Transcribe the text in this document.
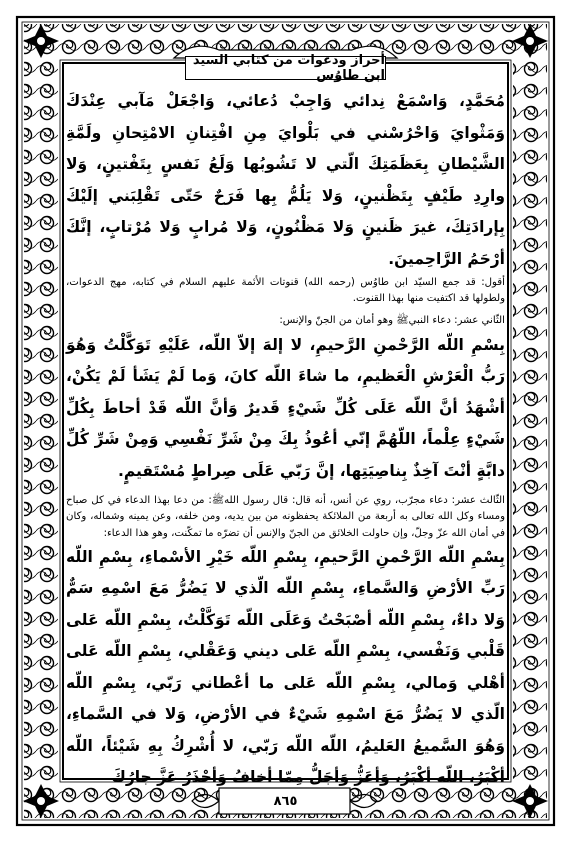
أحراز ودعوات من كتابي السيد ابن طاوُس

مُحَمَّدٍ، وَاسْمَعْ نِدائي وَاجِبْ دُعائي، وَاجْعَلْ مَآبي عِنْدَكَ وَمَثْوايَ وَاحْرُسْني في بَلْوايَ مِنِ افْتِنانِ الامْتِحانِ ولَمَّةِ الشَّيْطانِ بِعَظَمَتِكَ الّتي لا تَشُوبُها وَلَعُ نَفسٍ بِتَفْتينٍ، وَلا وارِدِ طَيْفٍ بِتَظْنينٍ، وَلا يَلُمُّ بِها فَرَحٌ حَتّى تَقْلِبَني إلَيْكَ بِإرادَتِكَ، غيرَ ظَنينٍ وَلا مَظْنُونٍ، وَلا مُرابٍ وَلا مُرْتابٍ، إنَّكَ أرْحَمُ الرَّاحِمينَ.

أقول: قد جمع السيّد ابن طاوُس (رحمه الله) قنوتات الأئمة عليهم السلام في كتابه، مهج الدعوات، ولطولها قد اكتفيت منها بهذا القنوت.

الثّاني عشر: دعاء النبيﷺ وهو أمان من الجنّ والإنس:

بِسْمِ اللّه الرَّحْمنِ الرَّحيمِ، لا إلهَ إلاّ اللّه، عَلَيْهِ تَوَكَّلْتُ وَهُوَ رَبُّ الْعَرْشِ الْعَظيمِ، ما شاءَ اللّه كانَ، وَما لَمْ يَشَأ لَمْ يَكُنْ، أشْهَدُ أنَّ اللّه عَلَى كُلِّ شَيْءٍ قَديرٌ وَأنَّ اللّه قَدْ أحاطَ بِكُلِّ شَيْءٍ عِلْماً، اللّهُمَّ إنّي أعُوذُ بِكَ مِنْ شَرِّ نَفْسِي وَمِنْ شَرِّ كُلِّ دابَّةٍ أنْتَ آخِذٌ بِناصِيَتِها، إنَّ رَبّي عَلَى صِراطٍ مُسْتَقيمٍ.

الثّالث عشر: دعاء مجرّب، روي عن أنس، أنه قال: قال رسول اللهﷺ: من دعا بهذا الدعاء في كل صباح ومساء وكل الله تعالى به أربعة من الملائكة يحفظونه من بين يديه، ومن خلفه، وعن يمينه وشماله، وكان في أمان الله عزّ وجلّ، وإن حاولت الخلائق من الجنّ والإنس أن تضرّه ما تمكّنت، وهو هذا الدعاء:

بِسْمِ اللّه الرَّحْمنِ الرَّحيمِ، بِسْمِ اللّه خَيْرِ الأسْماءِ، بِسْمِ اللّه رَبِّ الأرْضِ وَالسَّماءِ، بِسْمِ اللّه الّذي لا يَضُرُّ مَعَ اسْمِهِ سَمٌّ وَلا داءٌ، بِسْمِ اللّه أصْبَحْتُ وَعَلَى اللّه تَوَكَّلْتُ، بِسْمِ اللّه عَلى قَلْبي وَنَفْسي، بِسْمِ اللّه عَلى ديني وَعَقْلي، بِسْمِ اللّه عَلى أهْلي وَمالي، بِسْمِ اللّه عَلى ما أعْطاني رَبّي، بِسْمِ اللّه الّذي لا يَضُرُّ مَعَ اسْمِهِ شَيْءٌ في الأرْضِ، وَلا في السَّماءِ، وَهُوَ السَّميعُ العَليمُ، اللّه اللّه رَبّي، لا أُشْرِكُ بِهِ شَيْئاً، اللّه أكْبَرُ، اللّه أكْبَرُ، وَأعَزُّ وَأجَلُّ مِمّا أخافُ وَأحْذَرُ عَزَّ جارُكَ

٨٦٥
